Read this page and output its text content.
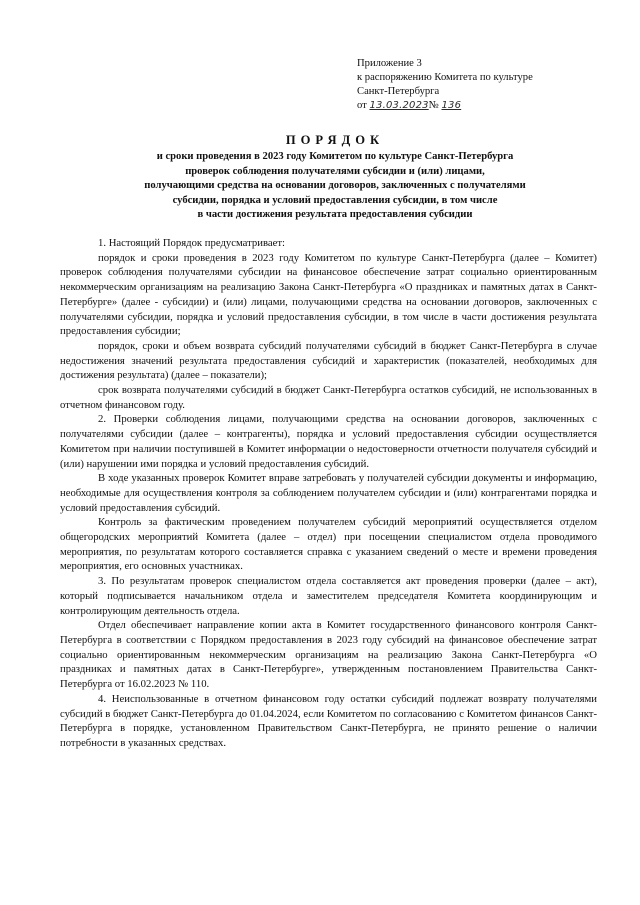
Приложение 3
к распоряжению Комитета по культуре
Санкт-Петербурга
от 13.03.2023№ 136
ПОРЯДОК
и сроки проведения в 2023 году Комитетом по культуре Санкт-Петербурга
проверок соблюдения получателями субсидии и (или) лицами,
получающими средства на основании договоров, заключенных с получателями
субсидии, порядка и условий предоставления субсидии, в том числе
в части достижения результата предоставления субсидии

1. Настоящий Порядок предусматривает:

порядок и сроки проведения в 2023 году Комитетом по культуре Санкт-Петербурга (далее – Комитет) проверок соблюдения получателями субсидии на финансовое обеспечение затрат социально ориентированным некоммерческим организациям на реализацию Закона Санкт-Петербурга «О праздниках и памятных датах в Санкт-Петербурге» (далее - субсидии) и (или) лицами, получающими средства на основании договоров, заключенных с получателями субсидии, порядка и условий предоставления субсидии, в том числе в части достижения результата предоставления субсидии;

порядок, сроки и объем возврата субсидий получателями субсидий в бюджет Санкт-Петербурга в случае недостижения значений результата предоставления субсидий и характеристик (показателей, необходимых для достижения результата) (далее – показатели);

срок возврата получателями субсидий в бюджет Санкт-Петербурга остатков субсидий, не использованных в отчетном финансовом году.

2. Проверки соблюдения лицами, получающими средства на основании договоров, заключенных с получателями субсидии (далее – контрагенты), порядка и условий предоставления субсидии осуществляется Комитетом при наличии поступившей в Комитет информации о недостоверности отчетности получателя субсидий и (или) нарушении ими порядка и условий предоставления субсидий.

В ходе указанных проверок Комитет вправе затребовать у получателей субсидии документы и информацию, необходимые для осуществления контроля за соблюдением получателем субсидии и (или) контрагентами порядка и условий предоставления субсидий.

Контроль за фактическим проведением получателем субсидий мероприятий осуществляется отделом общегородских мероприятий Комитета (далее – отдел) при посещении специалистом отдела проводимого мероприятия, по результатам которого составляется справка с указанием сведений о месте и времени проведения мероприятия, его основных участниках.

3. По результатам проверок специалистом отдела составляется акт проведения проверки (далее – акт), который подписывается начальником отдела и заместителем председателя Комитета координирующим и контролирующим деятельность отдела.

Отдел обеспечивает направление копии акта в Комитет государственного финансового контроля Санкт-Петербурга в соответствии с Порядком предоставления в 2023 году субсидий на финансовое обеспечение затрат социально ориентированным некоммерческим организациям на реализацию Закона Санкт-Петербурга «О праздниках и памятных датах в Санкт-Петербурге», утвержденным постановлением Правительства Санкт-Петербурга от 16.02.2023 № 110.

4. Неиспользованные в отчетном финансовом году остатки субсидий подлежат возврату получателями субсидий в бюджет Санкт-Петербурга до 01.04.2024, если Комитетом по согласованию с Комитетом финансов Санкт-Петербурга в порядке, установленном Правительством Санкт-Петербурга, не принято решение о наличии потребности в указанных средствах.
